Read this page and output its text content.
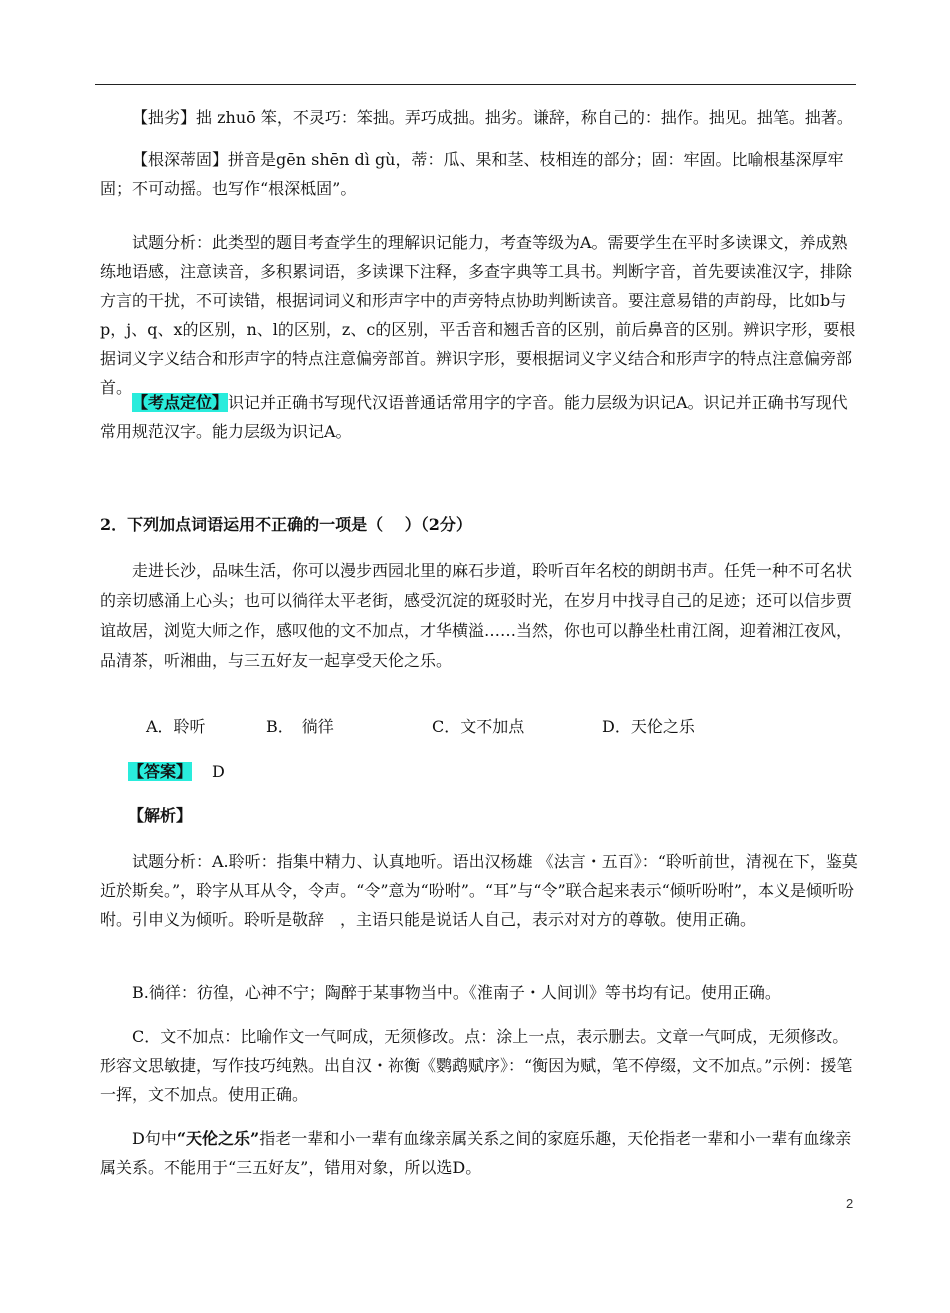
【拙劣】拙 zhuō 笨，不灵巧：笨拙。弄巧成拙。拙劣。谦辞，称自己的：拙作。拙见。拙笔。拙著。

【根深蒂固】拼音是gēn shēn dì gù，蒂：瓜、果和茎、枝相连的部分；固：牢固。比喻根基深厚牢固；不可动摇。也写作“根深柢固”。

试题分析：此类型的题目考查学生的理解识记能力，考查等级为A。需要学生在平时多读课文，养成熟练地语感，注意读音，多积累词语，多读课下注释，多查字典等工具书。判断字音，首先要读准汉字，排除方言的干扰，不可读错，根据词词义和形声字中的声旁特点协助判断读音。要注意易错的声韵母，比如b与p，j、q、x的区别，n、l的区别，z、c的区别，平舌音和翘舌音的区别，前后鼻音的区别。辨识字形，要根据词义字义结合和形声字的特点注意偏旁部首。辨识字形，要根据词义字义结合和形声字的特点注意偏旁部首。

【考点定位】识记并正确书写现代汉语普通话常用字的字音。能力层级为识记A。识记并正确书写现代常用规范汉字。能力层级为识记A。

2．下列加点词语运用不正确的一项是（　 ）（2分）

走进长沙，品味生活，你可以漫步西园北里的麻石步道，聆听百年名校的朗朗书声。任凭一种不可名状的亲切感涌上心头；也可以徜徉太平老街，感受沉淀的斑驳时光，在岁月中找寻自己的足迹；还可以信步贾谊故居，浏览大师之作，感叹他的文不加点，才华横溢……当然，你也可以静坐杜甫江阁，迎着湘江夜风，品清茶，听湘曲，与三五好友一起享受天伦之乐。

A．聆听	B．　徜徉	C．文不加点	D．天伦之乐

【答案】 D

【解析】

试题分析：A.聆听：指集中精力、认真地听。语出汉杨雄 《法言・五百》：“聆听前世，清视在下，鉴莫近於斯矣。”，聆字从耳从令，令声。“令”意为“吩咐”。“耳”与“令”联合起来表示“倾听吩咐”，本义是倾听吩咐。引申义为倾听。聆听是敬辞　，主语只能是说话人自己，表示对对方的尊敬。使用正确。

B.徜徉：彷徨，心神不宁；陶醉于某事物当中。《淮南子・人间训》等书均有记。使用正确。

C．文不加点：比喻作文一气呵成，无须修改。点：涂上一点，表示删去。文章一气呵成，无须修改。形容文思敏捷，写作技巧纯熟。出自汉・祢衡《鹦鹉赋序》：“衡因为赋，笔不停缀，文不加点。”示例：援笔一挥，文不加点。使用正确。

D句中“天伦之乐”指老一辈和小一辈有血缘亲属关系之间的家庭乐趣，天伦指老一辈和小一辈有血缘亲属关系。不能用于“三五好友”，错用对象，所以选D。

2
